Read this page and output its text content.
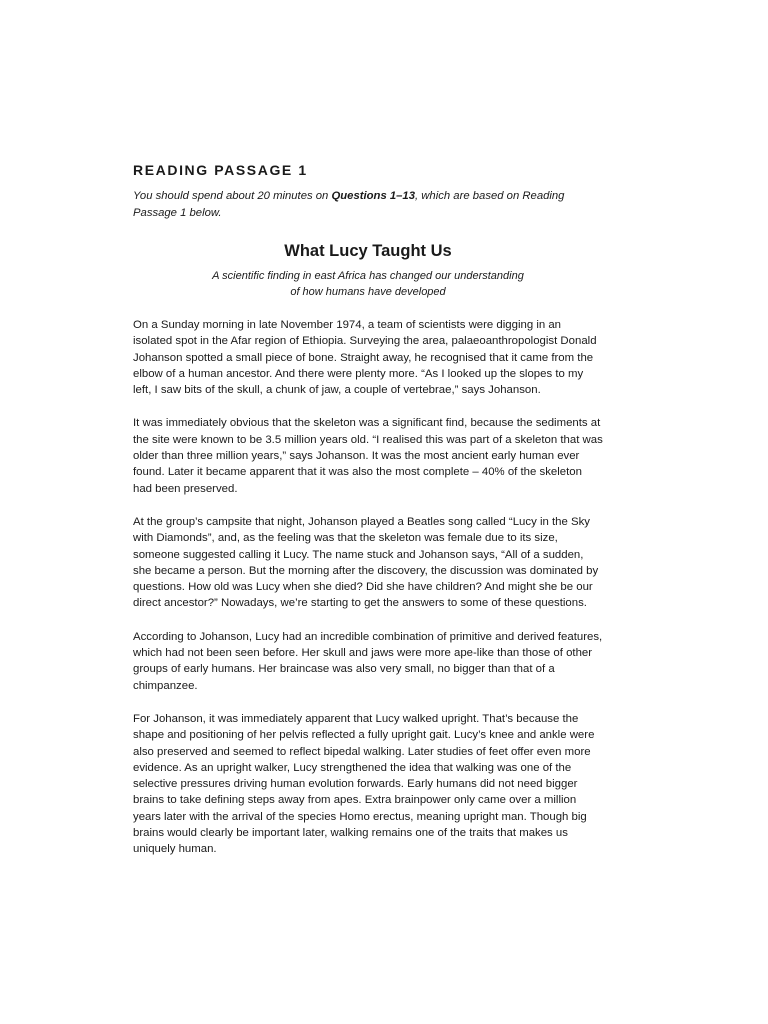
READING PASSAGE 1

You should spend about 20 minutes on Questions 1–13, which are based on Reading Passage 1 below.

What Lucy Taught Us

A scientific finding in east Africa has changed our understanding
of how humans have developed

On a Sunday morning in late November 1974, a team of scientists were digging in an isolated spot in the Afar region of Ethiopia. Surveying the area, palaeoanthropologist Donald Johanson spotted a small piece of bone. Straight away, he recognised that it came from the elbow of a human ancestor. And there were plenty more. “As I looked up the slopes to my left, I saw bits of the skull, a chunk of jaw, a couple of vertebrae,” says Johanson.

It was immediately obvious that the skeleton was a significant find, because the sediments at the site were known to be 3.5 million years old. “I realised this was part of a skeleton that was older than three million years,” says Johanson. It was the most ancient early human ever found. Later it became apparent that it was also the most complete – 40% of the skeleton had been preserved.

At the group’s campsite that night, Johanson played a Beatles song called “Lucy in the Sky with Diamonds”, and, as the feeling was that the skeleton was female due to its size, someone suggested calling it Lucy. The name stuck and Johanson says, “All of a sudden, she became a person. But the morning after the discovery, the discussion was dominated by questions. How old was Lucy when she died? Did she have children? And might she be our direct ancestor?” Nowadays, we’re starting to get the answers to some of these questions.

According to Johanson, Lucy had an incredible combination of primitive and derived features, which had not been seen before. Her skull and jaws were more ape-like than those of other groups of early humans. Her braincase was also very small, no bigger than that of a chimpanzee.

For Johanson, it was immediately apparent that Lucy walked upright. That’s because the shape and positioning of her pelvis reflected a fully upright gait. Lucy’s knee and ankle were also preserved and seemed to reflect bipedal walking. Later studies of feet offer even more evidence. As an upright walker, Lucy strengthened the idea that walking was one of the selective pressures driving human evolution forwards. Early humans did not need bigger brains to take defining steps away from apes. Extra brainpower only came over a million years later with the arrival of the species Homo erectus, meaning upright man. Though big brains would clearly be important later, walking remains one of the traits that makes us uniquely human.
